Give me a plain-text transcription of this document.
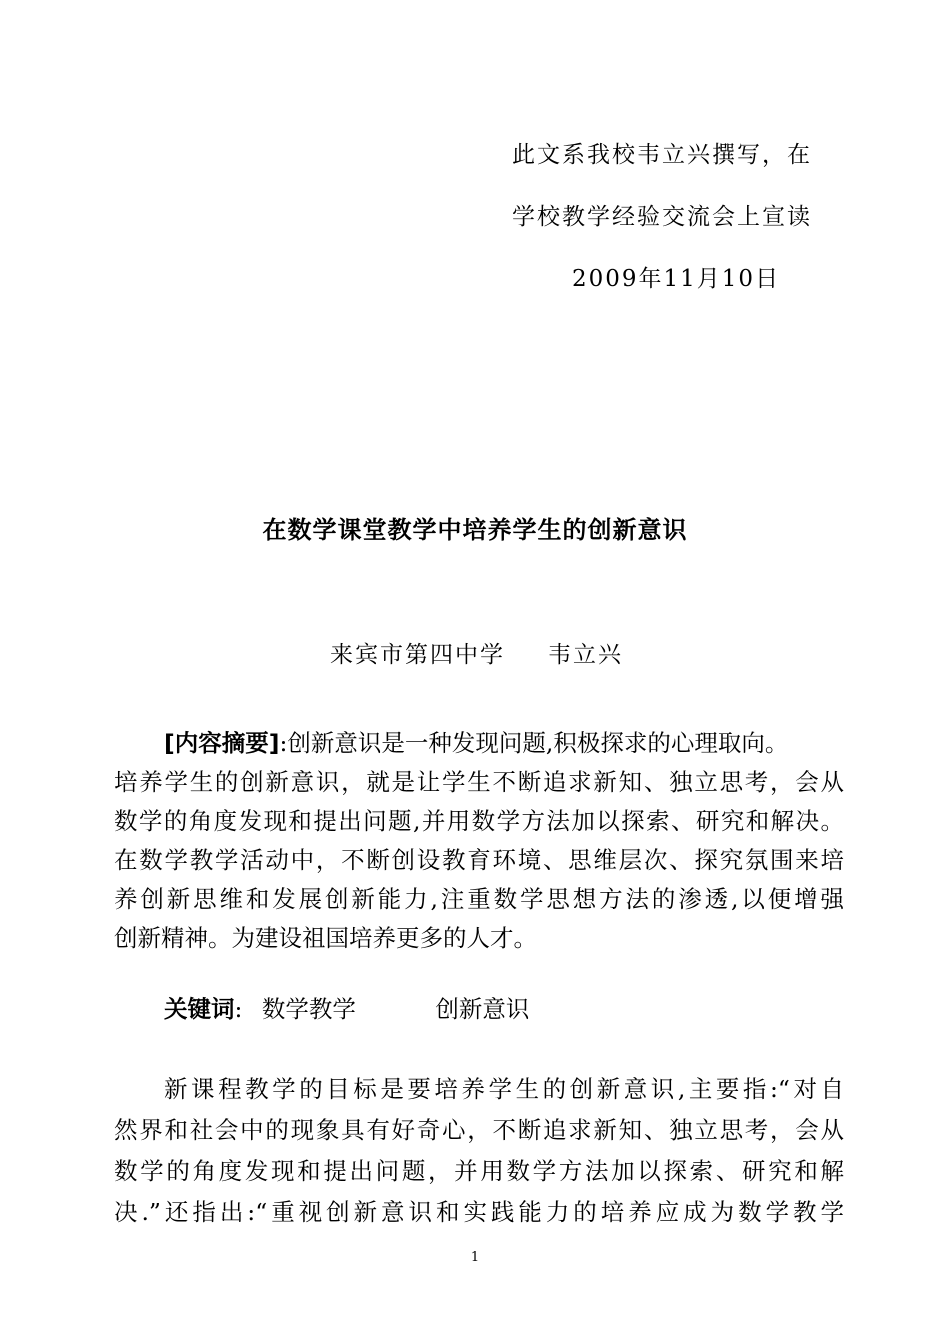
此文系我校韦立兴撰写，在
学校教学经验交流会上宣读
2009年11月10日
在数学课堂教学中培养学生的创新意识
来宾市第四中学 韦立兴
[内容摘要]:创新意识是一种发现问题,积极探求的心理取向。
培养学生的创新意识，就是让学生不断追求新知、独立思考，会从
数学的角度发现和提出问题,并用数学方法加以探索、研究和解决。
在数学教学活动中，不断创设教育环境、思维层次、探究氛围来培
养创新思维和发展创新能力,注重数学思想方法的渗透,以便增强
创新精神。为建设祖国培养更多的人才。
关键词: 数学教学	创新意识
新课程教学的目标是要培养学生的创新意识,主要指:“对自
然界和社会中的现象具有好奇心，不断追求新知、独立思考，会从
数学的角度发现和提出问题，并用数学方法加以探索、研究和解
决.”还指出:“重视创新意识和实践能力的培养应成为数学教学
1
